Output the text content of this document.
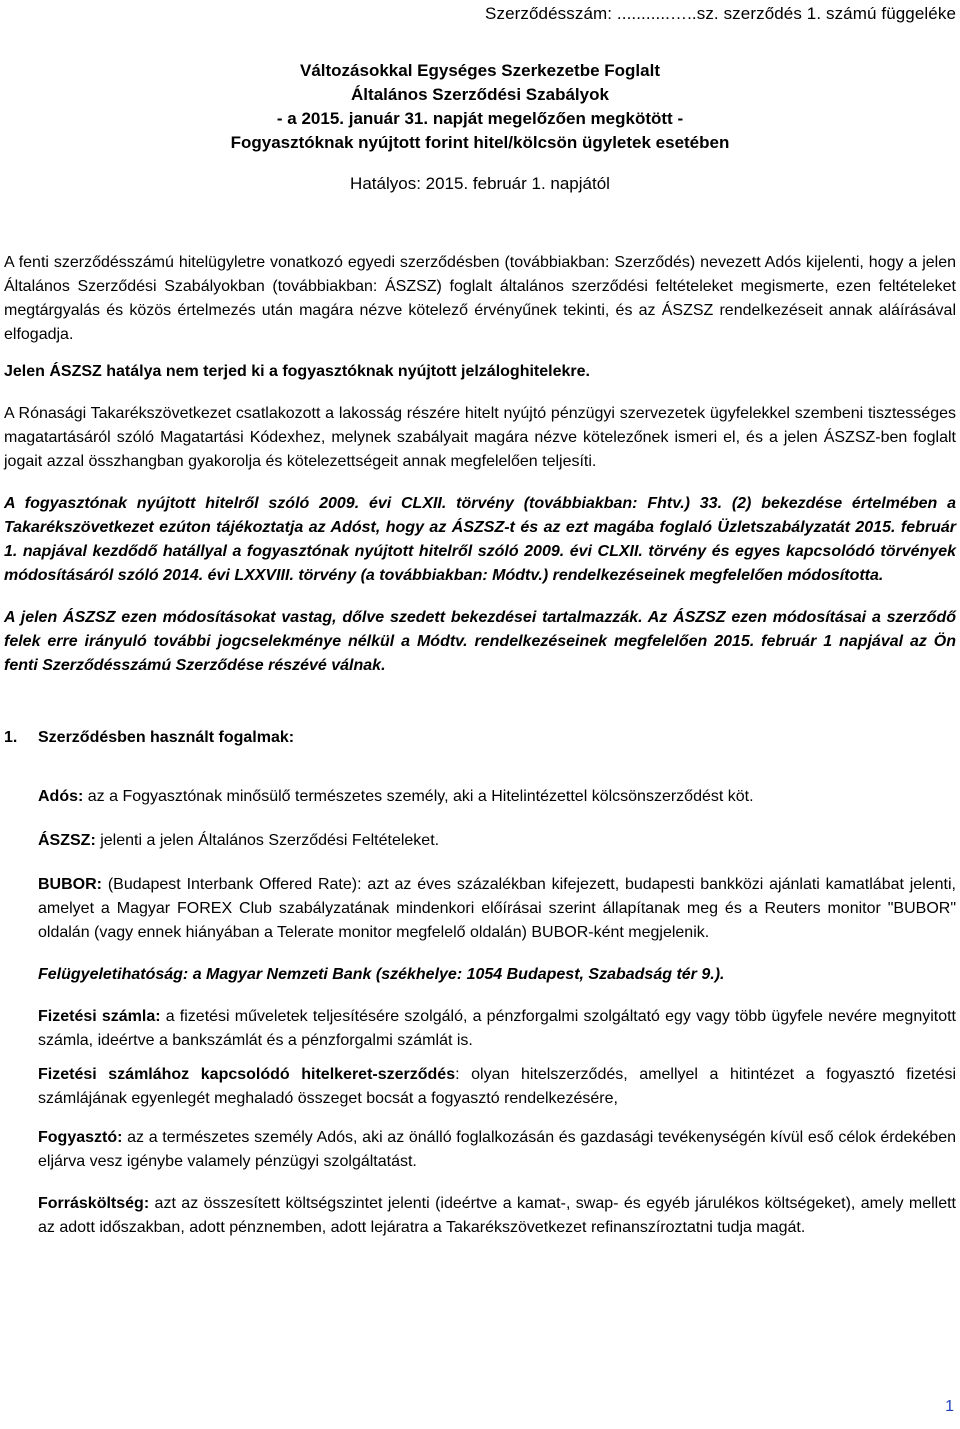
Szerződésszám: ...........…..sz. szerződés 1. számú függeléke
Változásokkal Egységes Szerkezetbe Foglalt
Általános Szerződési Szabályok
- a 2015. január 31. napját megelőzően megkötött -
Fogyasztóknak nyújtott forint hitel/kölcsön ügyletek esetében
Hatályos: 2015. február 1. napjától

A fenti szerződésszámú hitelügyletre vonatkozó egyedi szerződésben (továbbiakban: Szerződés) nevezett Adós kijelenti, hogy a jelen Általános Szerződési Szabályokban (továbbiakban: ÁSZSZ) foglalt általános szerződési feltételeket megismerte, ezen feltételeket megtárgyalás és közös értelmezés után magára nézve kötelező érvényűnek tekinti, és az ÁSZSZ rendelkezéseit annak aláírásával elfogadja.

Jelen ÁSZSZ hatálya nem terjed ki a fogyasztóknak nyújtott jelzáloghitelekre.

A Rónasági Takarékszövetkezet csatlakozott a lakosság részére hitelt nyújtó pénzügyi szervezetek ügyfelekkel szembeni tisztességes magatartásáról szóló Magatartási Kódexhez, melynek szabályait magára nézve kötelezőnek ismeri el, és a jelen ÁSZSZ-ben foglalt jogait azzal összhangban gyakorolja és kötelezettségeit annak megfelelően teljesíti.

A fogyasztónak nyújtott hitelről szóló 2009. évi CLXII. törvény (továbbiakban: Fhtv.) 33. (2) bekezdése értelmében a Takarékszövetkezet ezúton tájékoztatja az Adóst, hogy az ÁSZSZ-t és az ezt magába foglaló Üzletszabályzatát 2015. február 1. napjával kezdődő hatállyal a fogyasztónak nyújtott hitelről szóló 2009. évi CLXII. törvény és egyes kapcsolódó törvények módosításáról szóló 2014. évi LXXVIII. törvény (a továbbiakban: Módtv.) rendelkezéseinek megfelelően módosította.

A jelen ÁSZSZ ezen módosításokat vastag, dőlve szedett bekezdései tartalmazzák. Az ÁSZSZ ezen módosításai a szerződő felek erre irányuló további jogcselekménye nélkül a Módtv. rendelkezéseinek megfelelően 2015. február 1 napjával az Ön fenti Szerződésszámú Szerződése részévé válnak.

1.	Szerződésben használt fogalmak:

Adós: az a Fogyasztónak minősülő természetes személy, aki a Hitelintézettel kölcsönszerződést köt.

ÁSZSZ: jelenti a jelen Általános Szerződési Feltételeket.

BUBOR: (Budapest Interbank Offered Rate): azt az éves százalékban kifejezett, budapesti bankközi ajánlati kamatlábat jelenti, amelyet a Magyar FOREX Club szabályzatának mindenkori előírásai szerint állapítanak meg és a Reuters monitor "BUBOR" oldalán (vagy ennek hiányában a Telerate monitor megfelelő oldalán) BUBOR-ként megjelenik.

Felügyeletihatóság: a Magyar Nemzeti Bank (székhelye: 1054 Budapest, Szabadság tér 9.).

Fizetési számla: a fizetési műveletek teljesítésére szolgáló, a pénzforgalmi szolgáltató egy vagy több ügyfele nevére megnyitott számla, ideértve a bankszámlát és a pénzforgalmi számlát is.

Fizetési számlához kapcsolódó hitelkeret-szerződés: olyan hitelszerződés, amellyel a hitintézet a fogyasztó fizetési számlájának egyenlegét meghaladó összeget bocsát a fogyasztó rendelkezésére,

Fogyasztó: az a természetes személy Adós, aki az önálló foglalkozásán és gazdasági tevékenységén kívül eső célok érdekében eljárva vesz igénybe valamely pénzügyi szolgáltatást.

Forrásköltség: azt az összesített költségszintet jelenti (ideértve a kamat-, swap- és egyéb járulékos költségeket), amely mellett az adott időszakban, adott pénznemben, adott lejáratra a Takarékszövetkezet refinanszíroztatni tudja magát.

1
